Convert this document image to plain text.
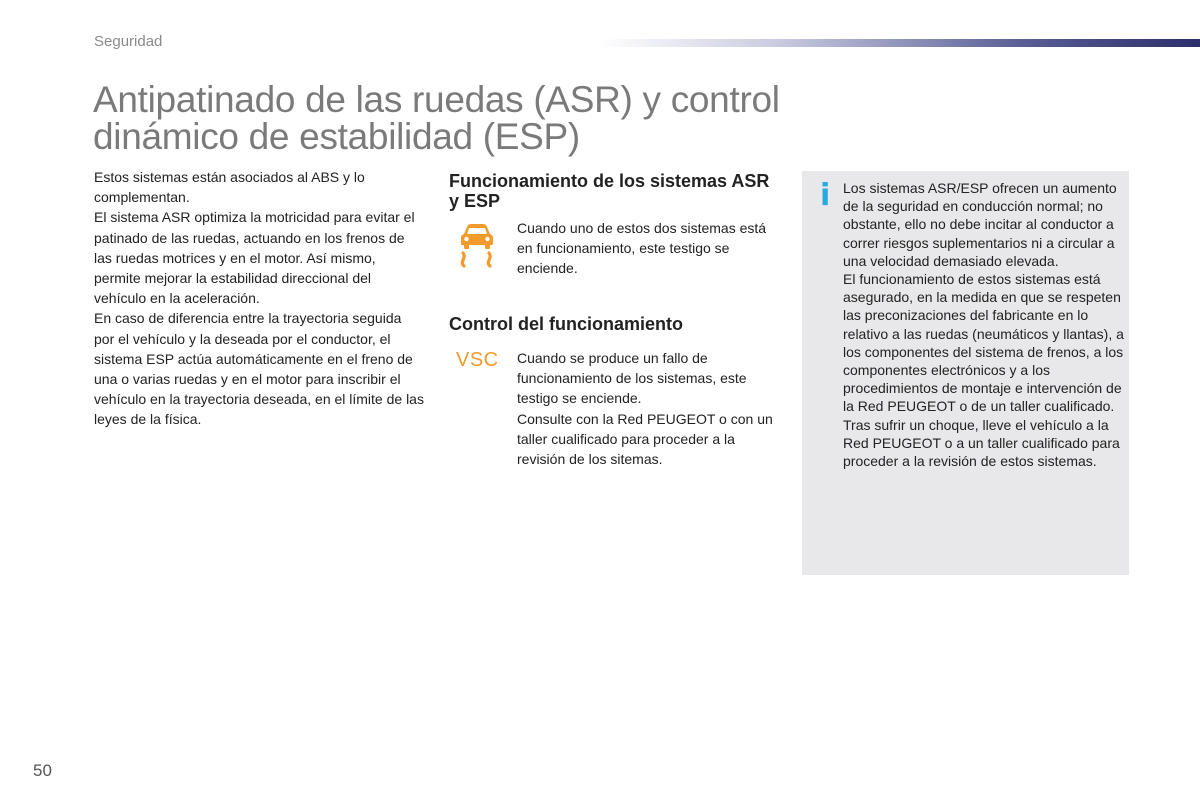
Seguridad
Antipatinado de las ruedas (ASR) y control dinámico de estabilidad (ESP)

Estos sistemas están asociados al ABS y lo complementan.

El sistema ASR optimiza la motricidad para evitar el patinado de las ruedas, actuando en los frenos de las ruedas motrices y en el motor. Así mismo, permite mejorar la estabilidad direccional del vehículo en la aceleración.

En caso de diferencia entre la trayectoria seguida por el vehículo y la deseada por el conductor, el sistema ESP actúa automáticamente en el freno de una o varias ruedas y en el motor para inscribir el vehículo en la trayectoria deseada, en el límite de las leyes de la física.

Funcionamiento de los sistemas ASR y ESP

Cuando uno de estos dos sistemas está en funcionamiento, este testigo se enciende.

Control del funcionamiento
VSC Cuando se produce un fallo de funcionamiento de los sistemas, este testigo se enciende.

Consulte con la Red PEUGEOT o con un taller cualificado para proceder a la revisión de los sitemas.

i Los sistemas ASR/ESP ofrecen un aumento de la seguridad en conducción normal; no obstante, ello no debe incitar al conductor a correr riesgos suplementarios ni a circular a una velocidad demasiado elevada.

El funcionamiento de estos sistemas está asegurado, en la medida en que se respeten las preconizaciones del fabricante en lo relativo a las ruedas (neumáticos y llantas), a los componentes del sistema de frenos, a los componentes electrónicos y a los procedimientos de montaje e intervención de la Red PEUGEOT o de un taller cualificado.

Tras sufrir un choque, lleve el vehículo a la Red PEUGEOT o a un taller cualificado para proceder a la revisión de estos sistemas.

50
